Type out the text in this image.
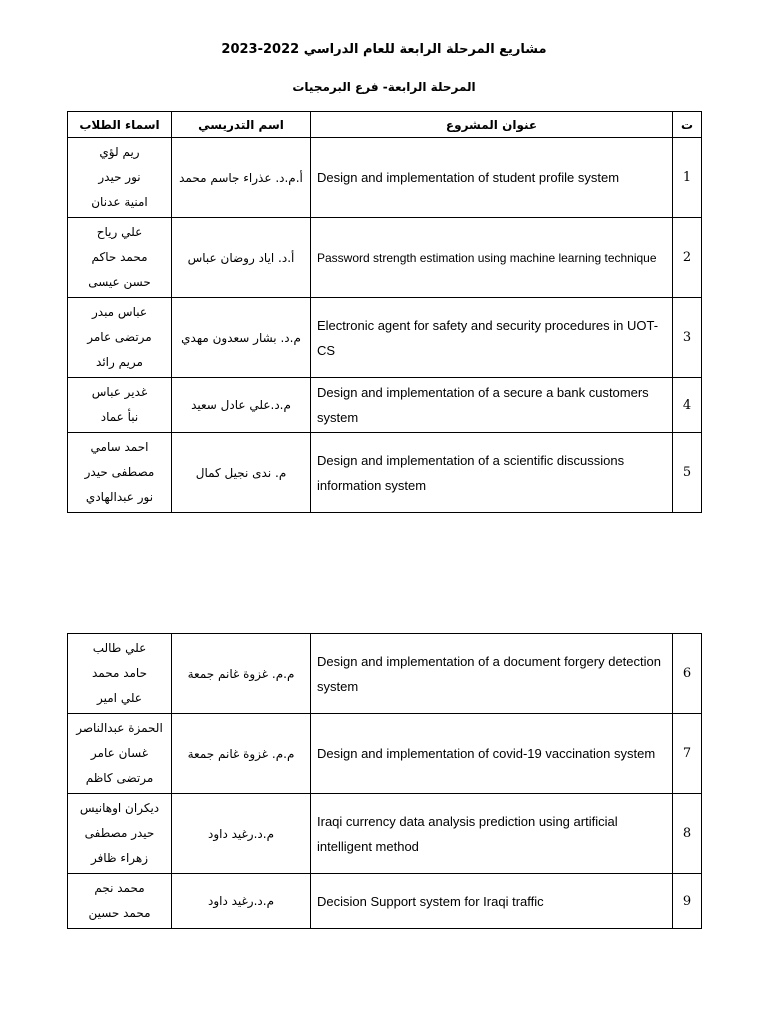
مشاريع المرحلة الرابعة للعام الدراسي 2022-2023
المرحلة الرابعة- فرع البرمجيات
اسماء الطلاب	اسم التدريسي	عنوان المشروع	ت

ريم لؤي
نور حيدر
امنية عدنان	أ.م.د. عذراء جاسم محمد	Design and implementation of student profile system	1

علي رياح
محمد حاكم
حسن عيسى	أ.د. اياد روضان عباس	Password strength estimation using machine learning technique	2

عباس مبدر
مرتضى عامر
مريم رائد	م.د. بشار سعدون مهدي	Electronic agent for safety and security procedures in UOT-CS	3

غدير عباس
نبأ عماد	م.د.علي عادل سعيد	Design and implementation of a secure a bank customers system	4

احمد سامي
مصطفى حيدر
نور عبدالهادي	م. ندى نجيل كمال	Design and implementation of a scientific discussions information system	5
علي طالب
حامد محمد
علي امير	م.م. غزوة غانم جمعة	Design and implementation of a document forgery detection system	6

الحمزة عبدالناصر
غسان عامر
مرتضى كاظم	م.م. غزوة غانم جمعة	Design and implementation of covid-19 vaccination system	7

ديكران اوهانيس
حيدر مصطفى
زهراء ظافر	م.د.رغيد داود	Iraqi currency data analysis prediction using artificial intelligent method	8

محمد نجم
محمد حسين	م.د.رغيد داود	Decision Support system for Iraqi traffic	9
